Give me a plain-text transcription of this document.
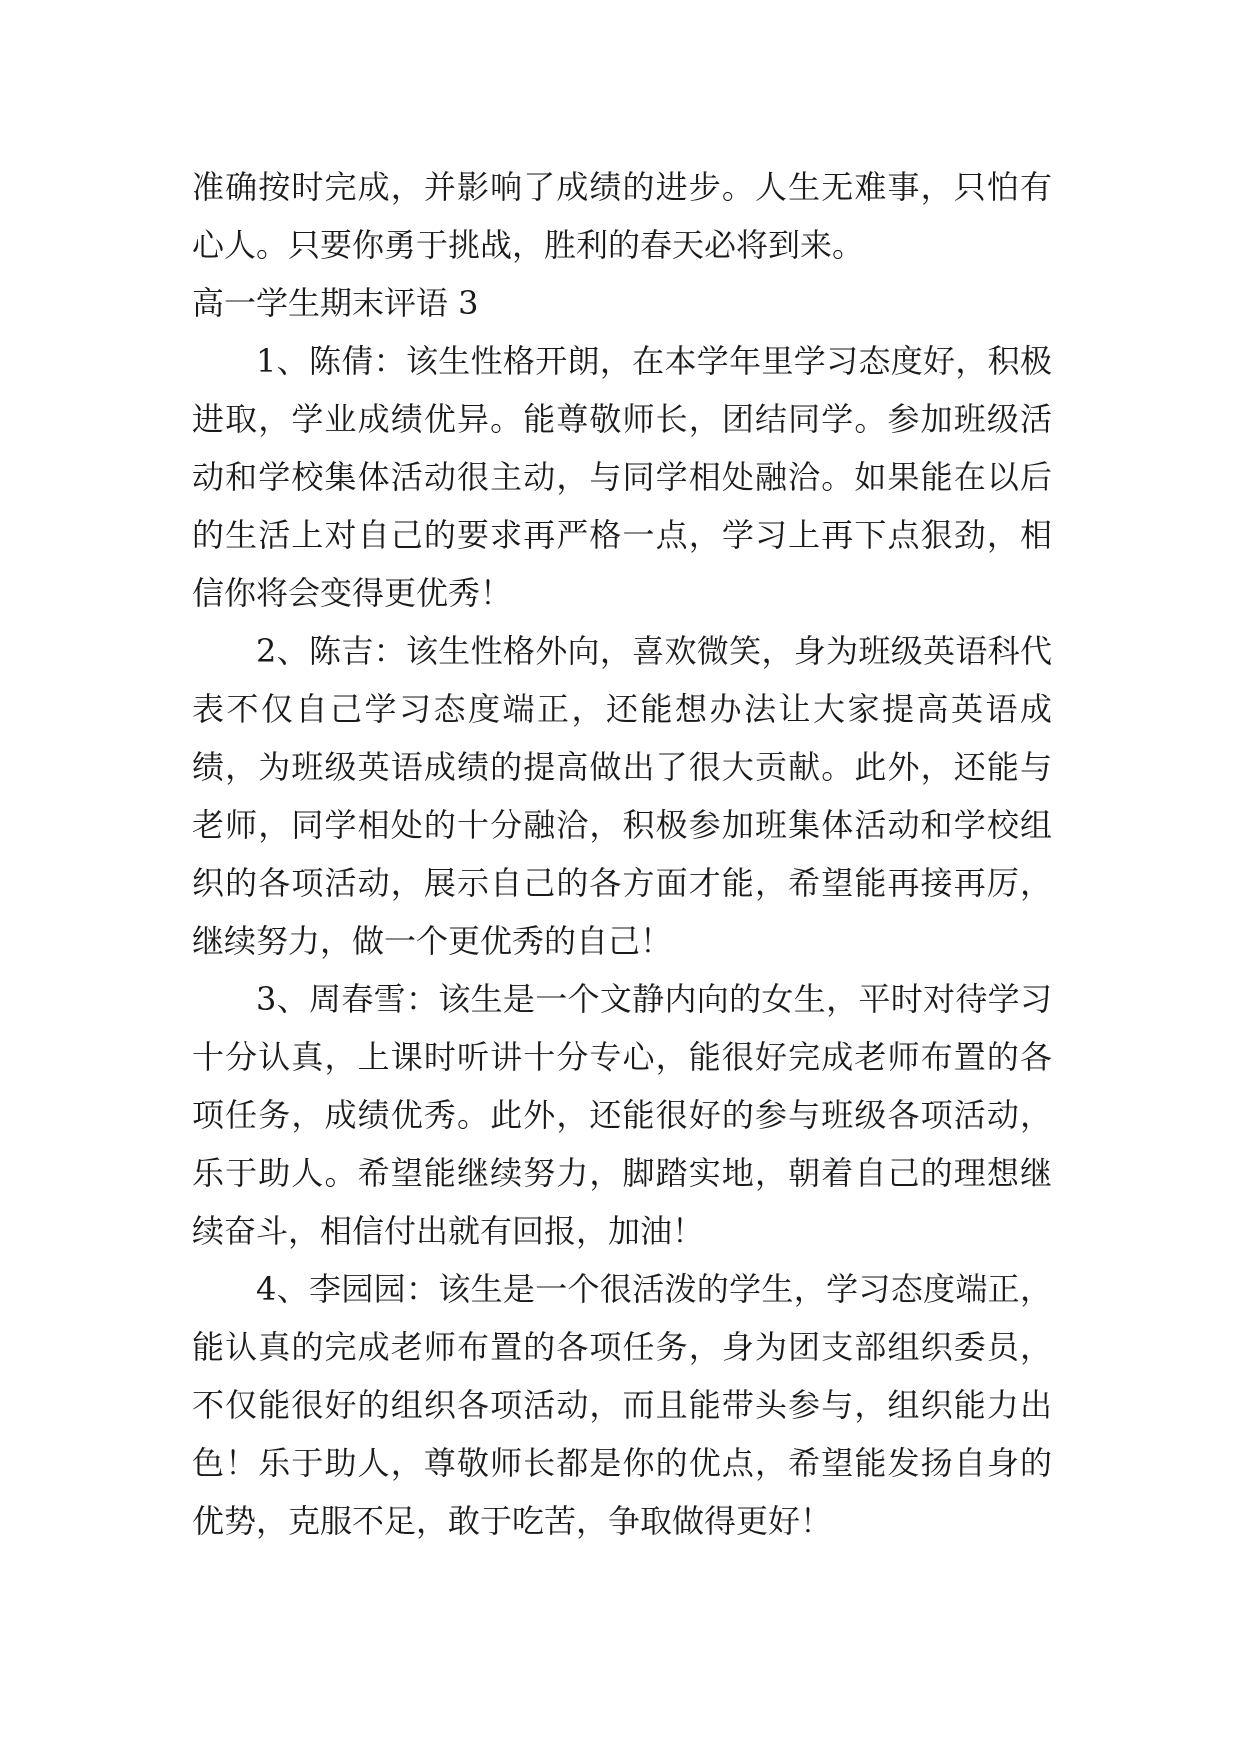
准确按时完成，并影响了成绩的进步。人生无难事，只怕有心人。只要你勇于挑战，胜利的春天必将到来。

高一学生期末评语 3

1、陈倩：该生性格开朗，在本学年里学习态度好，积极进取，学业成绩优异。能尊敬师长，团结同学。参加班级活动和学校集体活动很主动，与同学相处融洽。如果能在以后的生活上对自己的要求再严格一点，学习上再下点狠劲，相信你将会变得更优秀！

2、陈吉：该生性格外向，喜欢微笑，身为班级英语科代表不仅自己学习态度端正，还能想办法让大家提高英语成绩，为班级英语成绩的提高做出了很大贡献。此外，还能与老师，同学相处的十分融洽，积极参加班集体活动和学校组织的各项活动，展示自己的各方面才能，希望能再接再厉，继续努力，做一个更优秀的自己！

3、周春雪：该生是一个文静内向的女生，平时对待学习十分认真，上课时听讲十分专心，能很好完成老师布置的各项任务，成绩优秀。此外，还能很好的参与班级各项活动，乐于助人。希望能继续努力，脚踏实地，朝着自己的理想继续奋斗，相信付出就有回报，加油！

4、李园园：该生是一个很活泼的学生，学习态度端正，能认真的完成老师布置的各项任务，身为团支部组织委员，不仅能很好的组织各项活动，而且能带头参与，组织能力出色！乐于助人，尊敬师长都是你的优点，希望能发扬自身的优势，克服不足，敢于吃苦，争取做得更好！
